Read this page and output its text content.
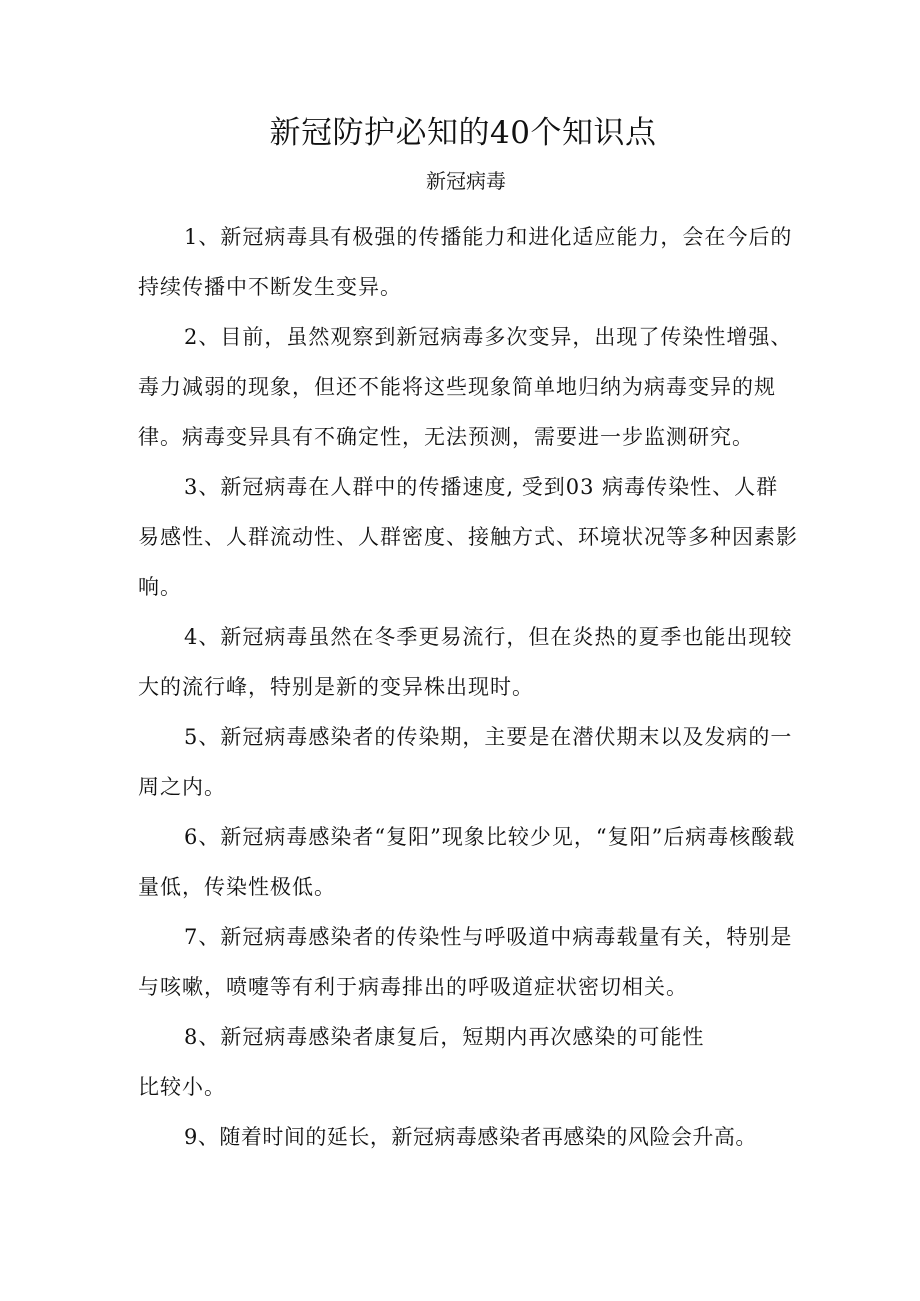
新冠防护必知的40个知识点
新冠病毒

1、新冠病毒具有极强的传播能力和进化适应能力，会在今后的持续传播中不断发生变异。

2、目前，虽然观察到新冠病毒多次变异，出现了传染性增强、毒力减弱的现象，但还不能将这些现象简单地归纳为病毒变异的规律。病毒变异具有不确定性，无法预测，需要进一步监测研究。

3、新冠病毒在人群中的传播速度, 受到03 病毒传染性、人群易感性、人群流动性、人群密度、接触方式、环境状况等多种因素影响。

4、新冠病毒虽然在冬季更易流行，但在炎热的夏季也能出现较大的流行峰，特别是新的变异株出现时。

5、新冠病毒感染者的传染期，主要是在潜伏期末以及发病的一周之内。

6、新冠病毒感染者“复阳”现象比较少见，“复阳”后病毒核酸载量低，传染性极低。

7、新冠病毒感染者的传染性与呼吸道中病毒载量有关，特别是与咳嗽，喷嚏等有利于病毒排出的呼吸道症状密切相关。

8、新冠病毒感染者康复后，短期内再次感染的可能性
比较小。

9、随着时间的延长，新冠病毒感染者再感染的风险会升高。
